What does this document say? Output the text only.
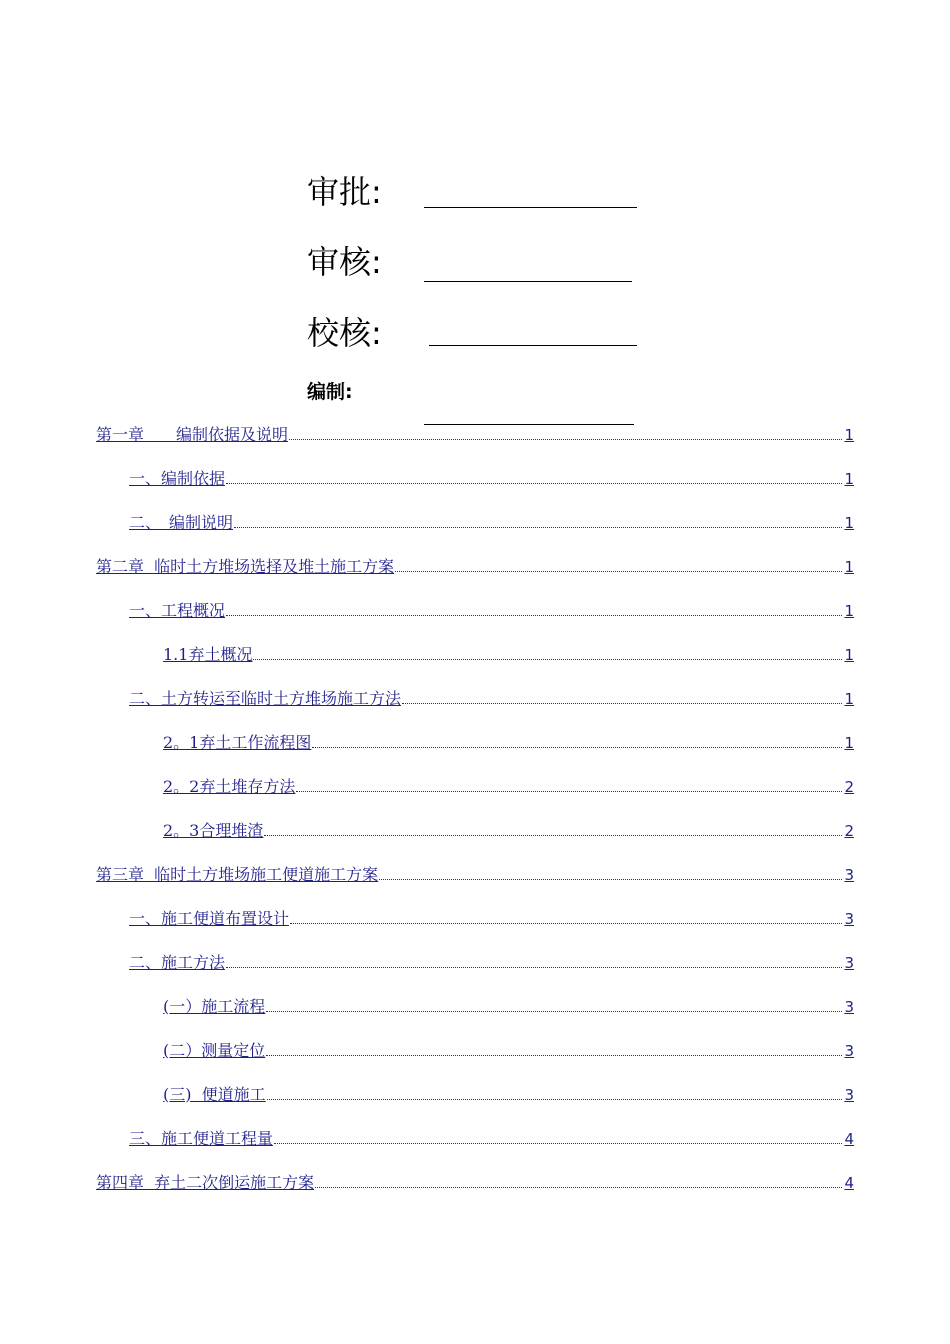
审批:
审核:
校核:
编制:
第一章　　编制依据及说明	1
一、编制依据	1
二、　编制说明	1
第二章  临时土方堆场选择及堆土施工方案	1
一、工程概况	1
1.1弃土概况	1
二、土方转运至临时土方堆场施工方法	1
2。1弃土工作流程图	1
2。2弃土堆存方法	2
2。3合理堆渣	2
第三章  临时土方堆场施工便道施工方案	3
一、施工便道布置设计	3
二、施工方法	3
(一）施工流程	3
(二）测量定位	3
(三)  便道施工	3
三、施工便道工程量	4
第四章  弃土二次倒运施工方案	4
